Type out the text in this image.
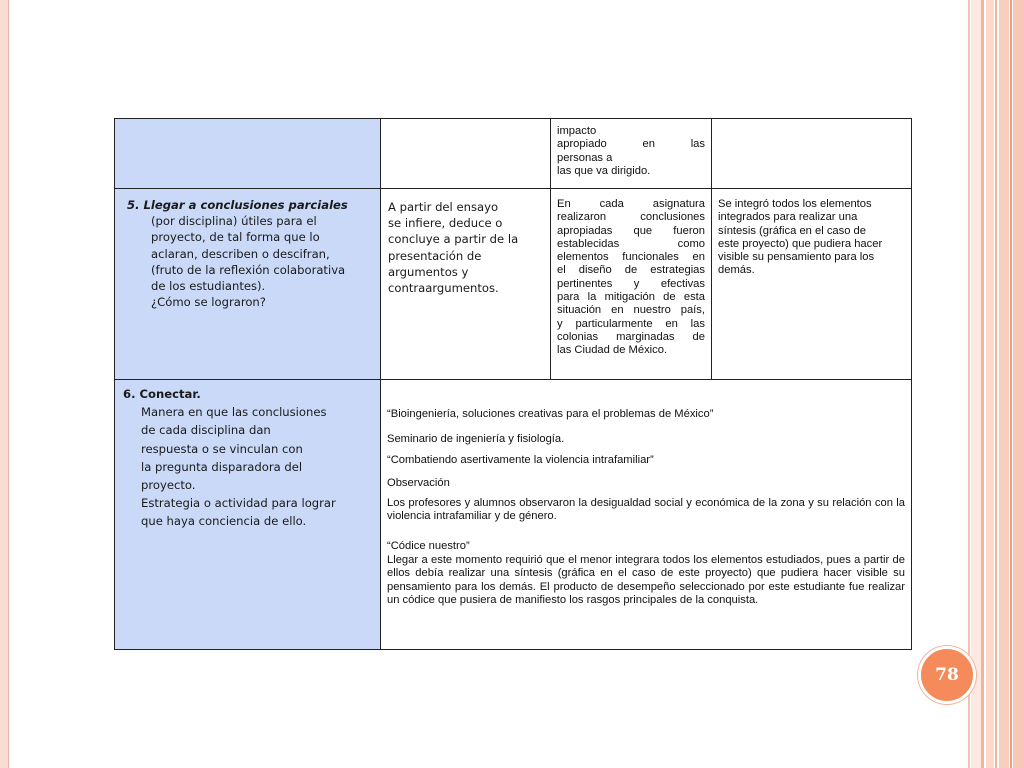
impacto
apropiado en las
personas a
las que va dirigido.
5. Llegar a conclusiones parciales
(por disciplina) útiles para el
proyecto, de tal forma que lo
aclaran, describen o descifran,
(fruto de la reflexión colaborativa
de los estudiantes).
¿Cómo se lograron?
A partir del ensayo
se infiere, deduce o
concluye a partir de la
presentación de
argumentos y
contraargumentos.
En cada asignatura
realizaron conclusiones
apropiadas que fueron
establecidas como
elementos funcionales en
el diseño de estrategias
pertinentes y efectivas
para la mitigación de esta
situación en nuestro país,
y particularmente en las
colonias marginadas de
las Ciudad de México.
Se integró todos los elementos
integrados para realizar una
síntesis (gráfica en el caso de
este proyecto) que pudiera hacer
visible su pensamiento para los
demás.
6. Conectar.
Manera en que las conclusiones
de cada disciplina dan
respuesta o se vinculan con
la pregunta disparadora del
proyecto.
Estrategia o actividad para lograr
que haya conciencia de ello.
“Bioingeniería, soluciones creativas para el problemas de México”
Seminario de ingeniería y fisiología.
“Combatiendo asertivamente la violencia intrafamiliar”
Observación
Los profesores y alumnos observaron la desigualdad social y económica de la zona y su relación con la violencia intrafamiliar y de género.
“Códice nuestro”
Llegar a este momento requirió que el menor integrara todos los elementos estudiados, pues a partir de ellos debía realizar una síntesis (gráfica en el caso de este proyecto) que pudiera hacer visible su pensamiento para los demás. El producto de desempeño seleccionado por este estudiante fue realizar un códice que pusiera de manifiesto los rasgos principales de la conquista.
78
